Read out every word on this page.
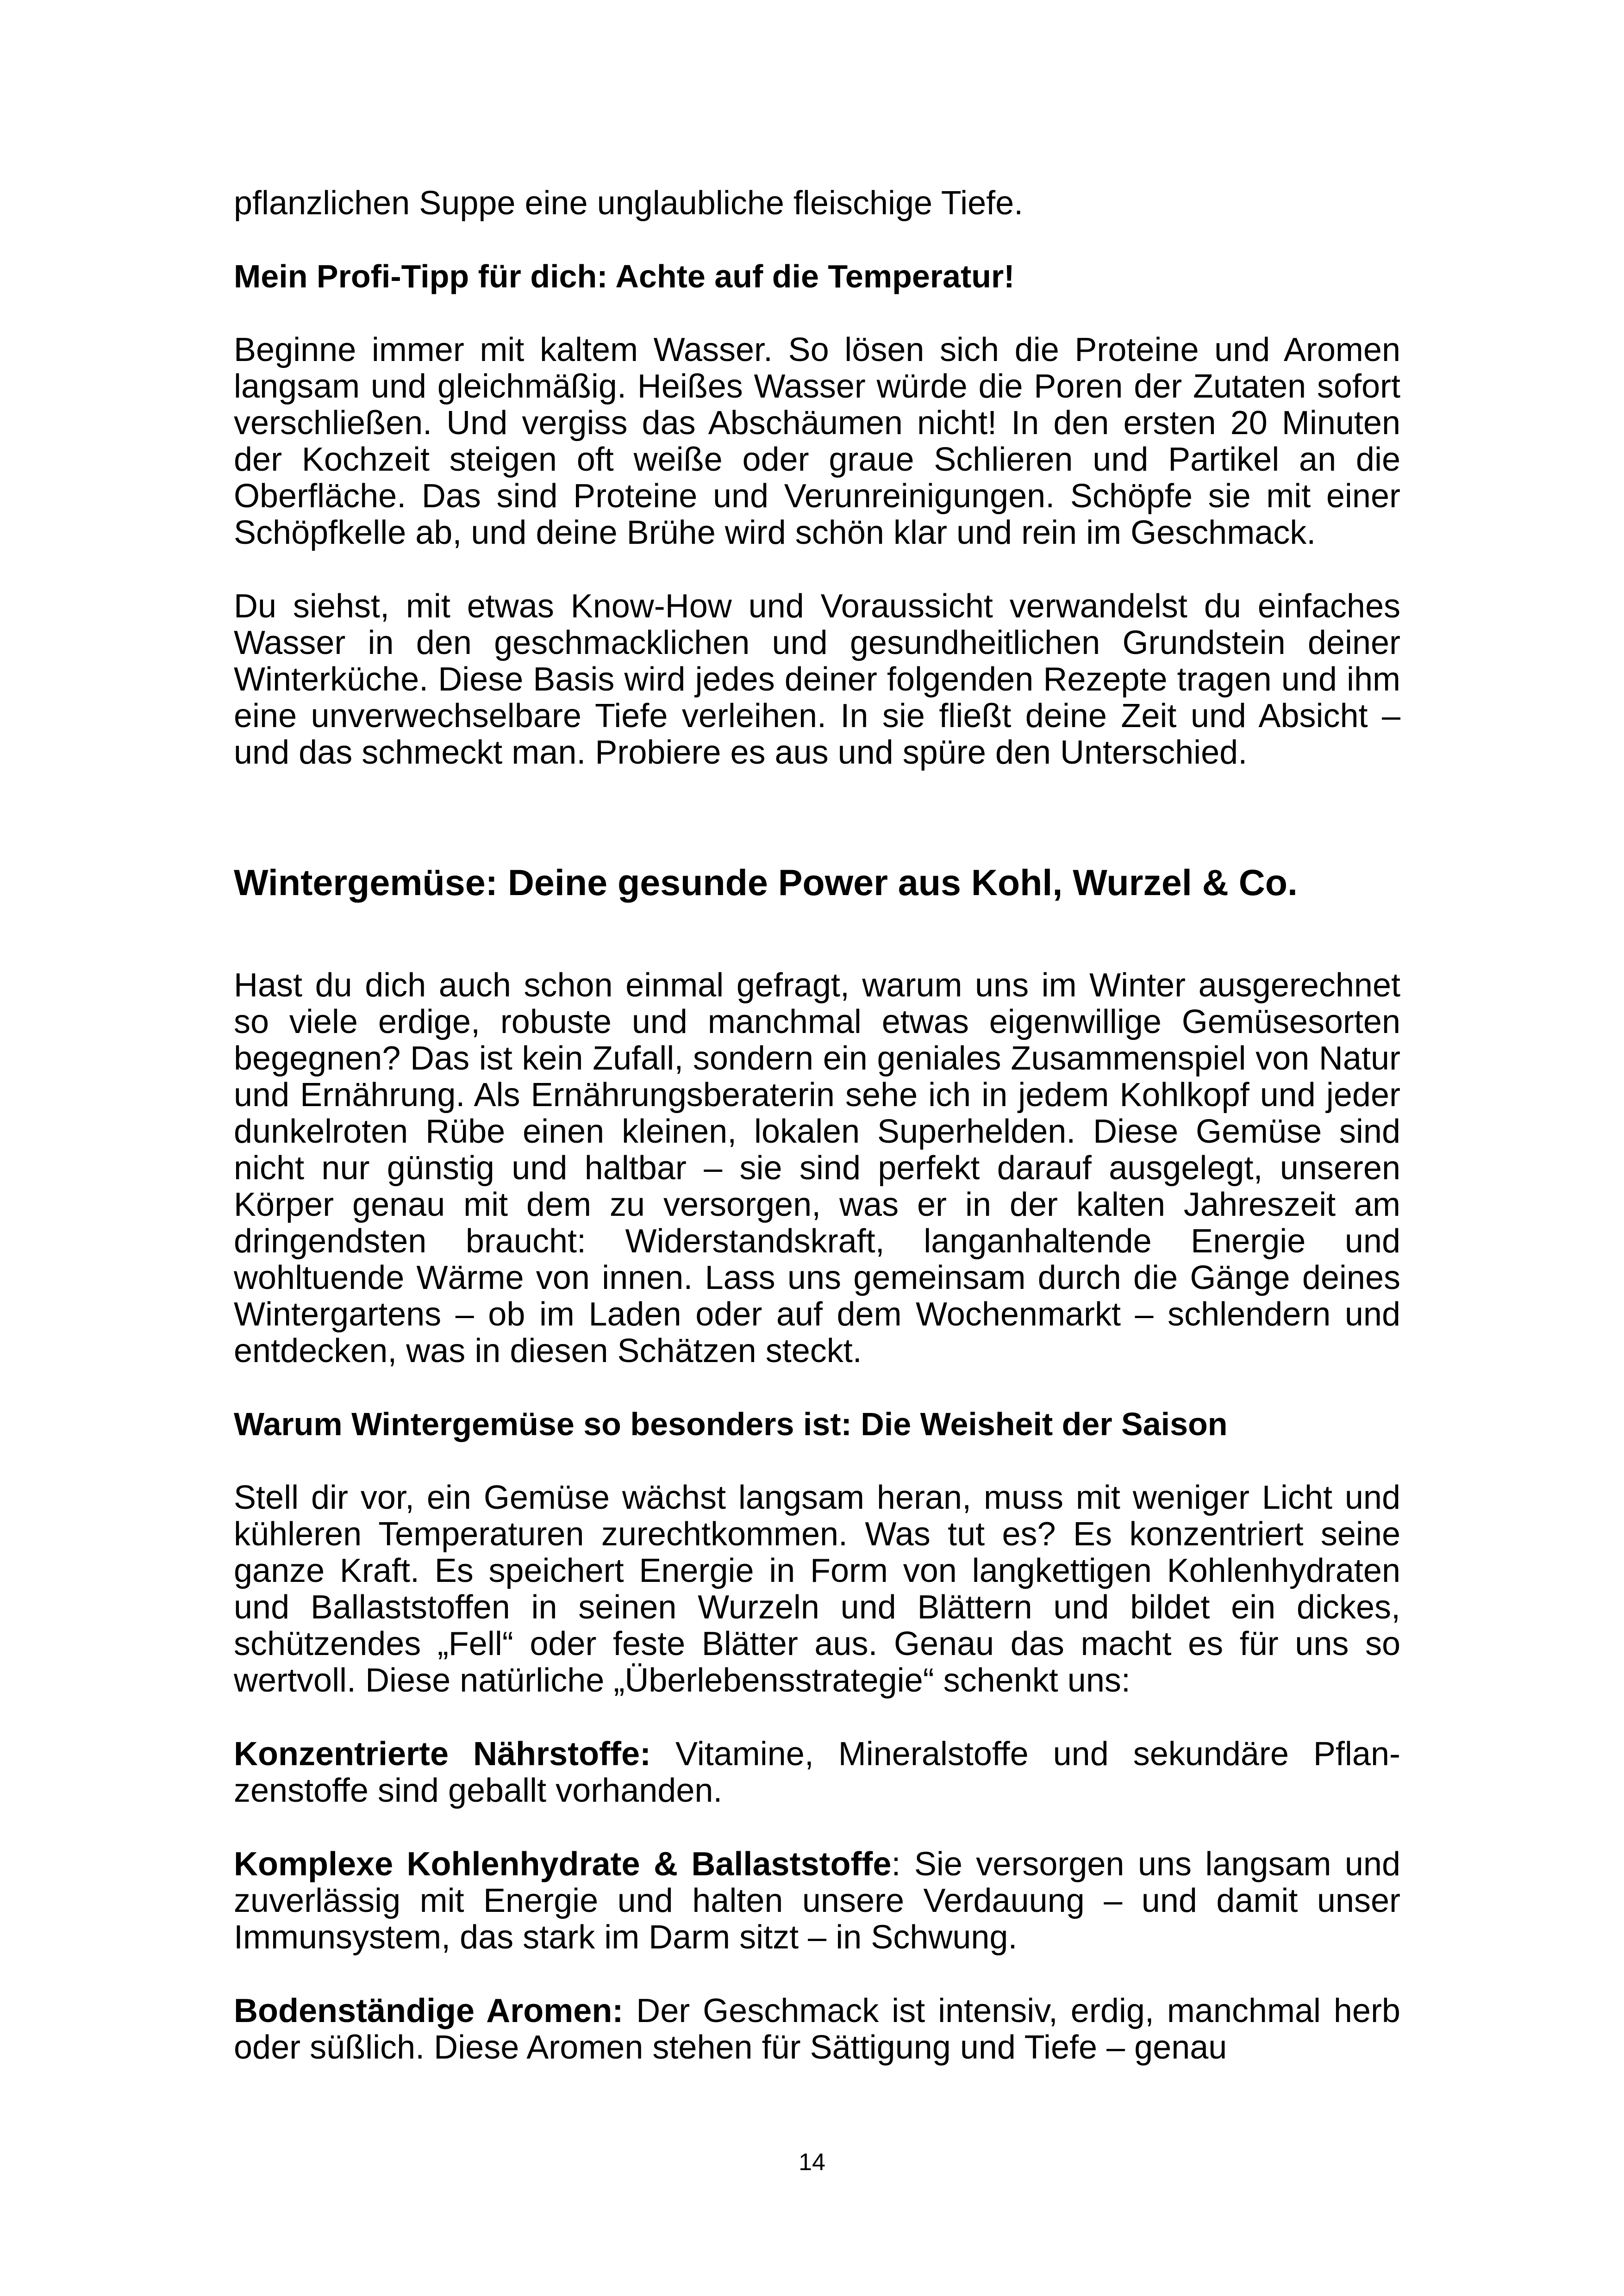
pflanzlichen Suppe eine unglaubliche fleischige Tiefe.

Mein Profi-Tipp für dich: Achte auf die Temperatur!

Beginne immer mit kaltem Wasser. So lösen sich die Proteine und Aromen langsam und gleichmäßig. Heißes Wasser würde die Poren der Zutaten sofort verschließen. Und vergiss das Abschäumen nicht! In den ersten 20 Minuten der Kochzeit steigen oft weiße oder graue Schlieren und Partikel an die Oberfläche. Das sind Proteine und Verunreinigungen. Schöpfe sie mit einer Schöpfkelle ab, und deine Brühe wird schön klar und rein im Geschmack.

Du siehst, mit etwas Know-How und Voraussicht verwandelst du einfaches Wasser in den geschmacklichen und gesundheitlichen Grundstein deiner Winterküche. Diese Basis wird jedes deiner folgenden Rezepte tragen und ihm eine unverwechselbare Tiefe verleihen. In sie fließt deine Zeit und Absicht – und das schmeckt man. Probiere es aus und spüre den Unterschied.

Wintergemüse: Deine gesunde Power aus Kohl, Wurzel & Co.

Hast du dich auch schon einmal gefragt, warum uns im Winter ausgerechnet so viele erdige, robuste und manchmal etwas eigenwillige Gemüsesorten begegnen? Das ist kein Zufall, sondern ein geniales Zusammenspiel von Natur und Ernährung. Als Ernährungsberaterin sehe ich in jedem Kohlkopf und jeder dunkelroten Rübe einen kleinen, lokalen Superhelden. Diese Gemüse sind nicht nur günstig und haltbar – sie sind perfekt darauf ausgelegt, unseren Körper genau mit dem zu versorgen, was er in der kalten Jahreszeit am dringendsten braucht: Widerstandskraft, langanhaltende Energie und wohltuende Wärme von innen. Lass uns gemeinsam durch die Gänge deines Wintergartens – ob im Laden oder auf dem Wochenmarkt – schlendern und entdecken, was in diesen Schätzen steckt.

Warum Wintergemüse so besonders ist: Die Weisheit der Saison

Stell dir vor, ein Gemüse wächst langsam heran, muss mit weniger Licht und kühleren Temperaturen zurechtkommen. Was tut es? Es konzentriert seine ganze Kraft. Es speichert Energie in Form von langkettigen Kohlenhydraten und Ballaststoffen in seinen Wurzeln und Blättern und bildet ein dickes, schützendes „Fell“ oder feste Blätter aus. Genau das macht es für uns so wertvoll. Diese natürliche „Überlebensstrategie“ schenkt uns:

Konzentrierte Nährstoffe: Vitamine, Mineralstoffe und sekundäre Pflanzenstoffe sind geballt vorhanden.

Komplexe Kohlenhydrate & Ballaststoffe: Sie versorgen uns langsam und zuverlässig mit Energie und halten unsere Verdauung – und damit unser Immunsystem, das stark im Darm sitzt – in Schwung.

Bodenständige Aromen: Der Geschmack ist intensiv, erdig, manchmal herb oder süßlich. Diese Aromen stehen für Sättigung und Tiefe – genau

14
